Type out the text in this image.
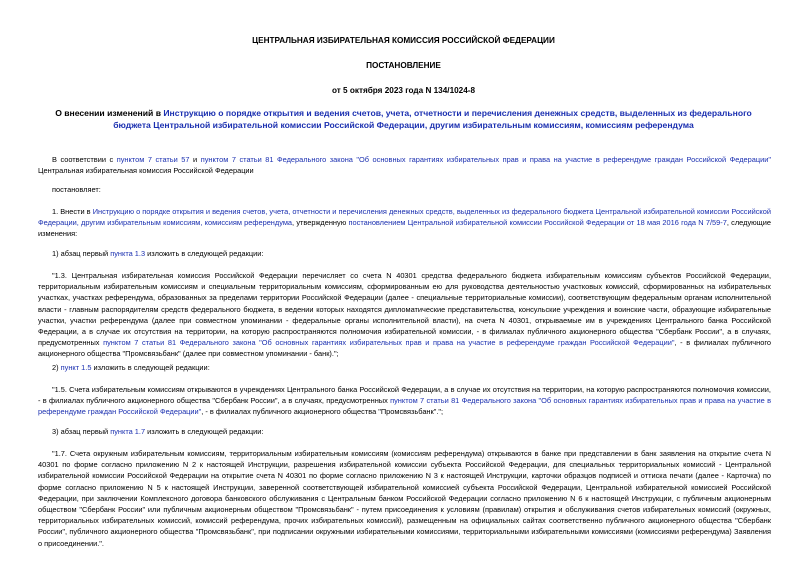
ЦЕНТРАЛЬНАЯ ИЗБИРАТЕЛЬНАЯ КОМИССИЯ РОССИЙСКОЙ ФЕДЕРАЦИИ
ПОСТАНОВЛЕНИЕ
от 5 октября 2023 года N 134/1024-8
О внесении изменений в Инструкцию о порядке открытия и ведения счетов, учета, отчетности и перечисления денежных средств, выделенных из федерального бюджета Центральной избирательной комиссии Российской Федерации, другим избирательным комиссиям, комиссиям референдума
В соответствии с пунктом 7 статьи 57 и пунктом 7 статьи 81 Федерального закона "Об основных гарантиях избирательных прав и права на участие в референдуме граждан Российской Федерации" Центральная избирательная комиссия Российской Федерации
постановляет:
1. Внести в Инструкцию о порядке открытия и ведения счетов, учета, отчетности и перечисления денежных средств, выделенных из федерального бюджета Центральной избирательной комиссии Российской Федерации, другим избирательным комиссиям, комиссиям референдума, утвержденную постановлением Центральной избирательной комиссии Российской Федерации от 18 мая 2016 года N 7/59-7, следующие изменения:
1) абзац первый пункта 1.3 изложить в следующей редакции:
"1.3. Центральная избирательная комиссия Российской Федерации перечисляет со счета N 40301 средства федерального бюджета избирательным комиссиям субъектов Российской Федерации, территориальным избирательным комиссиям и специальным территориальным комиссиям, сформированным ею для руководства деятельностью участковых комиссий, сформированных на избирательных участках, участках референдума, образованных за пределами территории Российской Федерации (далее - специальные территориальные комиссии), соответствующим федеральным органам исполнительной власти - главным распорядителям средств федерального бюджета, в ведении которых находятся дипломатические представительства, консульские учреждения и воинские части, образующие избирательные участки, участки референдума (далее при совместном упоминании - федеральные органы исполнительной власти), на счета N 40301, открываемые им в учреждениях Центрального банка Российской Федерации, а в случае их отсутствия на территории, на которую распространяются полномочия избирательной комиссии, - в филиалах публичного акционерного общества "Сбербанк России", а в случаях, предусмотренных пунктом 7 статьи 81 Федерального закона "Об основных гарантиях избирательных прав и права на участие в референдуме граждан Российской Федерации", - в филиалах публичного акционерного общества "Промсвязьбанк" (далее при совместном упоминании - банк).";
2) пункт 1.5 изложить в следующей редакции:
"1.5. Счета избирательным комиссиям открываются в учреждениях Центрального банка Российской Федерации, а в случае их отсутствия на территории, на которую распространяются полномочия комиссии, - в филиалах публичного акционерного общества "Сбербанк России", а в случаях, предусмотренных пунктом 7 статьи 81 Федерального закона "Об основных гарантиях избирательных прав и права на участие в референдуме граждан Российской Федерации", - в филиалах публичного акционерного общества "Промсвязьбанк".";
3) абзац первый пункта 1.7 изложить в следующей редакции:
"1.7. Счета окружным избирательным комиссиям, территориальным избирательным комиссиям (комиссиям референдума) открываются в банке при представлении в банк заявления на открытие счета N 40301 по форме согласно приложению N 2 к настоящей Инструкции, разрешения избирательной комиссии субъекта Российской Федерации, для специальных территориальных комиссий - Центральной избирательной комиссии Российской Федерации на открытие счета N 40301 по форме согласно приложению N 3 к настоящей Инструкции, карточки образцов подписей и оттиска печати (далее - Карточка) по форме согласно приложению N 5 к настоящей Инструкции, заверенной соответствующей избирательной комиссией субъекта Российской Федерации, Центральной избирательной комиссией Российской Федерации, при заключении Комплексного договора банковского обслуживания с Центральным банком Российской Федерации согласно приложению N 6 к настоящей Инструкции, с публичным акционерным обществом "Сбербанк России" или публичным акционерным обществом "Промсвязьбанк" - путем присоединения к условиям (правилам) открытия и обслуживания счетов избирательных комиссий (окружных, территориальных избирательных комиссий, комиссий референдума, прочих избирательных комиссий), размещенным на официальных сайтах соответственно публичного акционерного общества "Сбербанк России", публичного акционерного общества "Промсвязьбанк", при подписании окружными избирательными комиссиями, территориальными избирательными комиссиями (комиссиями референдума) Заявления о присоединении.".
